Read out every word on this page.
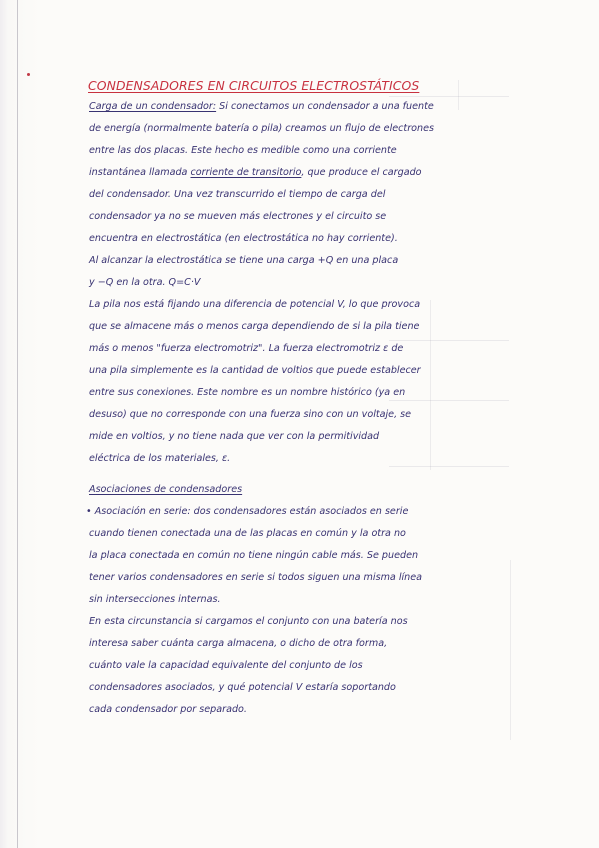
CONDENSADORES EN CIRCUITOS ELECTROSTÁTICOS
Carga de un condensador: Si conectamos un condensador a una fuente
de energía (normalmente batería o pila) creamos un flujo de electrones
entre las dos placas. Este hecho es medible como una corriente
instantánea llamada corriente de transitorio, que produce el cargado
del condensador. Una vez transcurrido el tiempo de carga del
condensador ya no se mueven más electrones y el circuito se
encuentra en electrostática (en electrostática no hay corriente).
Al alcanzar la electrostática se tiene una carga +Q en una placa
y −Q en la otra. Q=C·V
La pila nos está fijando una diferencia de potencial V, lo que provoca
que se almacene más o menos carga dependiendo de si la pila tiene
más o menos "fuerza electromotriz". La fuerza electromotriz ε de
una pila simplemente es la cantidad de voltios que puede establecer
entre sus conexiones. Este nombre es un nombre histórico (ya en
desuso) que no corresponde con una fuerza sino con un voltaje, se
mide en voltios, y no tiene nada que ver con la permitividad
eléctrica de los materiales, ε.
Asociaciones de condensadores
• Asociación en serie: dos condensadores están asociados en serie
cuando tienen conectada una de las placas en común y la otra no
la placa conectada en común no tiene ningún cable más. Se pueden
tener varios condensadores en serie si todos siguen una misma línea
sin intersecciones internas.
En esta circunstancia si cargamos el conjunto con una batería nos
interesa saber cuánta carga almacena, o dicho de otra forma,
cuánto vale la capacidad equivalente del conjunto de los
condensadores asociados, y qué potencial V estaría soportando
cada condensador por separado.
